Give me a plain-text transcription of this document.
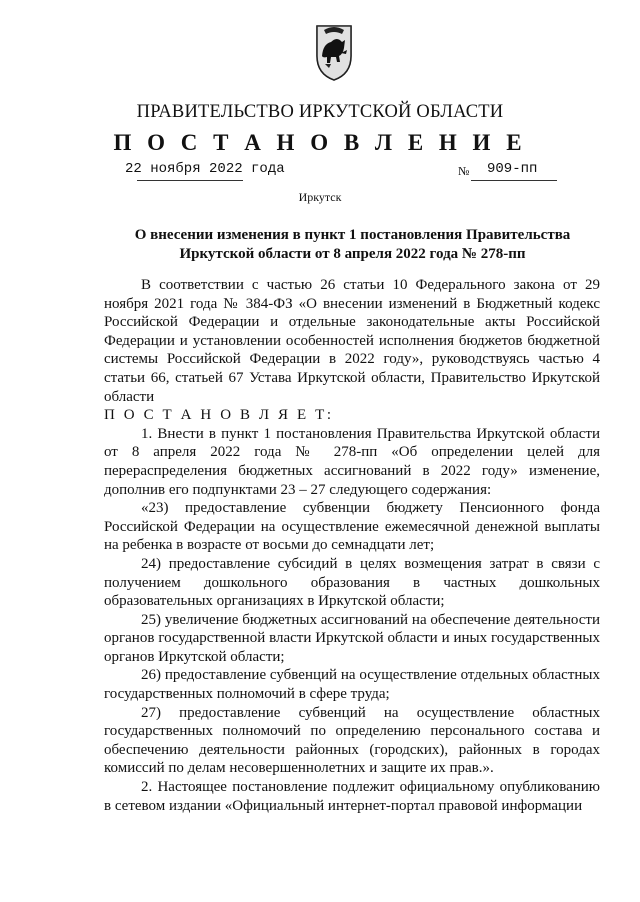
ПРАВИТЕЛЬСТВО ИРКУТСКОЙ ОБЛАСТИ
П О С Т А Н О В Л Е Н И Е
22 ноября 2022 года	№ 909-пп
Иркутск
О внесении изменения в пункт 1 постановления Правительства
Иркутской области от 8 апреля 2022 года № 278-пп

В соответствии с частью 26 статьи 10 Федерального закона от 29 ноября 2021 года № 384-ФЗ «О внесении изменений в Бюджетный кодекс Российской Федерации и отдельные законодательные акты Российской Федерации и установлении особенностей исполнения бюджетов бюджетной системы Российской Федерации в 2022 году», руководствуясь частью 4 статьи 66, статьей 67 Устава Иркутской области, Правительство Иркутской области

П О С Т А Н О В Л Я Е Т:

1. Внести в пункт 1 постановления Правительства Иркутской области от 8 апреля 2022 года № 278-пп «Об определении целей для перераспределения бюджетных ассигнований в 2022 году» изменение, дополнив его подпунктами 23 – 27 следующего содержания:

«23) предоставление субвенции бюджету Пенсионного фонда Российской Федерации на осуществление ежемесячной денежной выплаты на ребенка в возрасте от восьми до семнадцати лет;

24) предоставление субсидий в целях возмещения затрат в связи с получением дошкольного образования в частных дошкольных образовательных организациях в Иркутской области;

25) увеличение бюджетных ассигнований на обеспечение деятельности органов государственной власти Иркутской области и иных государственных органов Иркутской области;

26) предоставление субвенций на осуществление отдельных областных государственных полномочий в сфере труда;

27) предоставление субвенций на осуществление областных государственных полномочий по определению персонального состава и обеспечению деятельности районных (городских), районных в городах комиссий по делам несовершеннолетних и защите их прав.».

2. Настоящее постановление подлежит официальному опубликованию в сетевом издании «Официальный интернет-портал правовой информации
